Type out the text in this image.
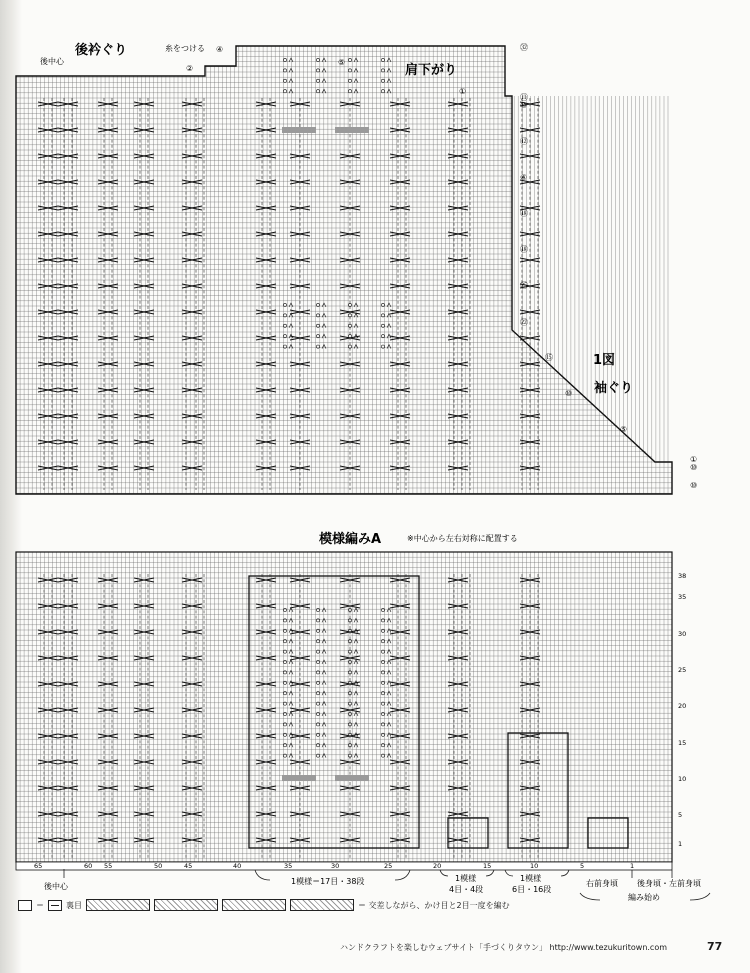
後衿ぐり
後中心
糸をつける
肩下がり
1図
袖ぐり
②
④
⑤
①
㉜
⑪
⑩
⑫
④
⑱
⑱
㉕
㉒
⑮
⑩
⑤
①
⑩
⑩
模様編みA	※中心から左右対称に配置する
38
35
30
25
20
15
10
5
1
65	60 55	50	45	40	35	30	25	20	15	10	5	1
後中心
1模様＝17目・38段	1模様
4目・4段
1模様
6目・16段
右前身頃 後身頃・左前身頃
編み始め
＝	裏目	＝ 交差しながら、かけ目と2目一度を編む
ハンドクラフトを楽しむウェブサイト「手づくりタウン」 http://www.tezukuritown.com	77
